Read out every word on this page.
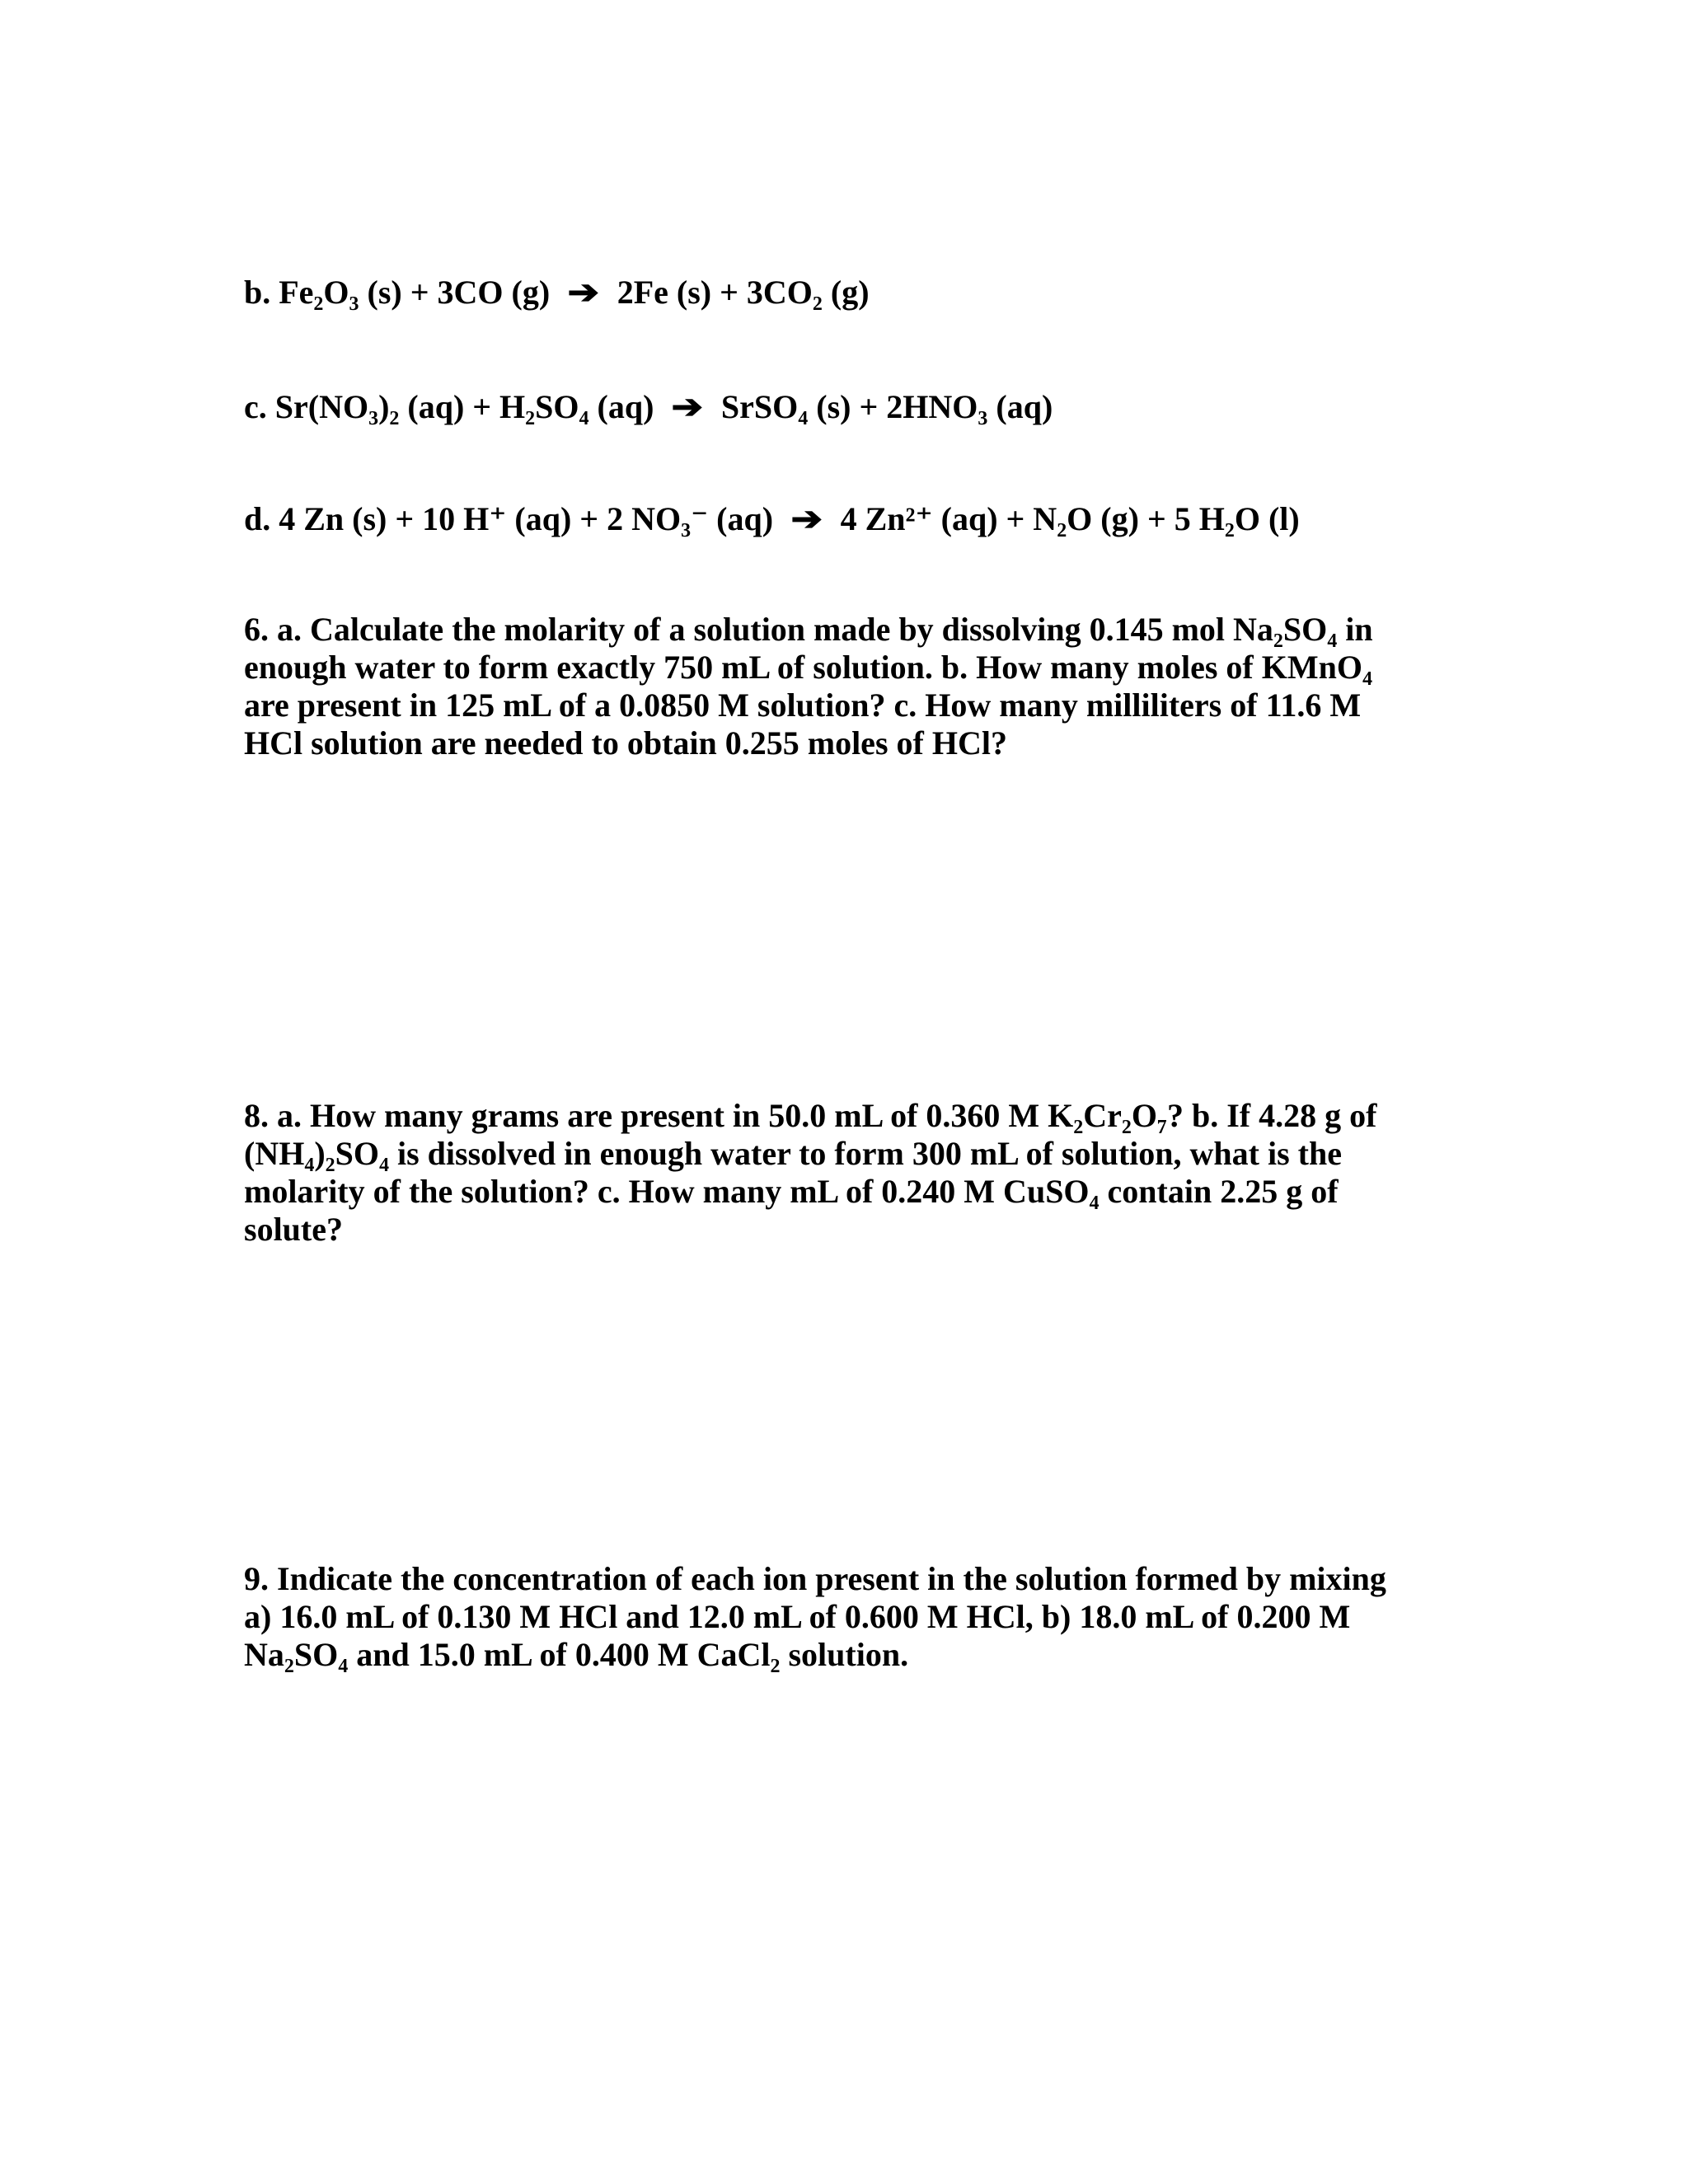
b. Fe₂O₃ (s) + 3CO (g) ➔ 2Fe (s) + 3CO₂ (g)
c. Sr(NO₃)₂ (aq) + H₂SO₄ (aq) ➔ SrSO₄ (s) + 2HNO₃ (aq)
d. 4 Zn (s) + 10 H⁺ (aq) + 2 NO₃⁻ (aq) ➔ 4 Zn²⁺ (aq) + N₂O (g) + 5 H₂O (l)
6. a. Calculate the molarity of a solution made by dissolving 0.145 mol Na₂SO₄ in
enough water to form exactly 750 mL of solution. b. How many moles of KMnO₄
are present in 125 mL of a 0.0850 M solution? c. How many milliliters of 11.6 M
HCl solution are needed to obtain 0.255 moles of HCl?
8. a. How many grams are present in 50.0 mL of 0.360 M K₂Cr₂O₇? b. If 4.28 g of
(NH₄)₂SO₄ is dissolved in enough water to form 300 mL of solution, what is the
molarity of the solution? c. How many mL of 0.240 M CuSO₄ contain 2.25 g of
solute?
9. Indicate the concentration of each ion present in the solution formed by mixing
a) 16.0 mL of 0.130 M HCl and 12.0 mL of 0.600 M HCl, b) 18.0 mL of 0.200 M
Na₂SO₄ and 15.0 mL of 0.400 M CaCl₂ solution.
